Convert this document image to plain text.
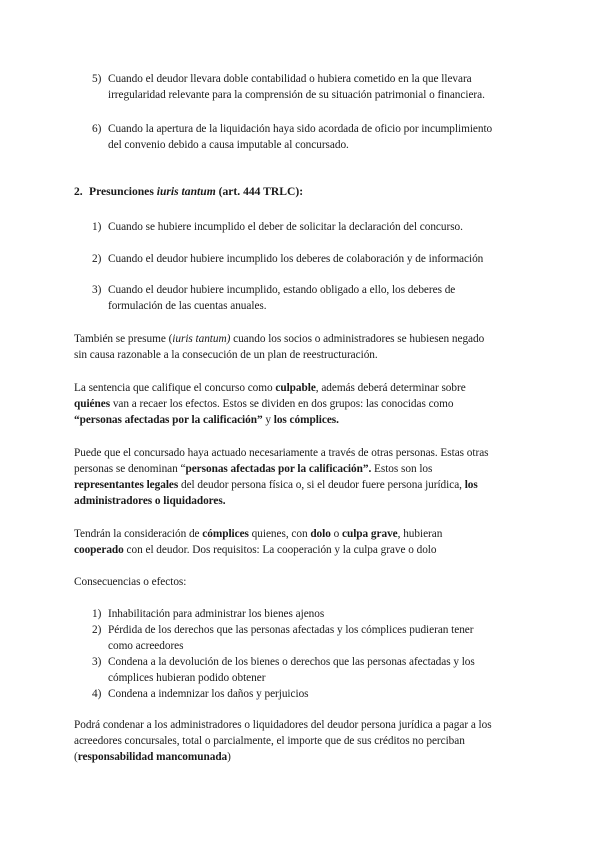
5) Cuando el deudor llevara doble contabilidad o hubiera cometido en la que llevara
irregularidad relevante para la comprensión de su situación patrimonial o financiera.
6) Cuando la apertura de la liquidación haya sido acordada de oficio por incumplimiento
del convenio debido a causa imputable al concursado.
2. Presunciones iuris tantum (art. 444 TRLC):
1) Cuando se hubiere incumplido el deber de solicitar la declaración del concurso.
2) Cuando el deudor hubiere incumplido los deberes de colaboración y de información
3) Cuando el deudor hubiere incumplido, estando obligado a ello, los deberes de
formulación de las cuentas anuales.
También se presume (iuris tantum) cuando los socios o administradores se hubiesen negado
sin causa razonable a la consecución de un plan de reestructuración.
La sentencia que califique el concurso como culpable, además deberá determinar sobre
quiénes van a recaer los efectos. Estos se dividen en dos grupos: las conocidas como
“personas afectadas por la calificación” y los cómplices.
Puede que el concursado haya actuado necesariamente a través de otras personas. Estas otras
personas se denominan “personas afectadas por la calificación”. Estos son los
representantes legales del deudor persona física o, si el deudor fuere persona jurídica, los
administradores o liquidadores.
Tendrán la consideración de cómplices quienes, con dolo o culpa grave, hubieran
cooperado con el deudor. Dos requisitos: La cooperación y la culpa grave o dolo
Consecuencias o efectos:
1) Inhabilitación para administrar los bienes ajenos
2) Pérdida de los derechos que las personas afectadas y los cómplices pudieran tener
como acreedores
3) Condena a la devolución de los bienes o derechos que las personas afectadas y los
cómplices hubieran podido obtener
4) Condena a indemnizar los daños y perjuicios
Podrá condenar a los administradores o liquidadores del deudor persona jurídica a pagar a los
acreedores concursales, total o parcialmente, el importe que de sus créditos no perciban
(responsabilidad mancomunada)
